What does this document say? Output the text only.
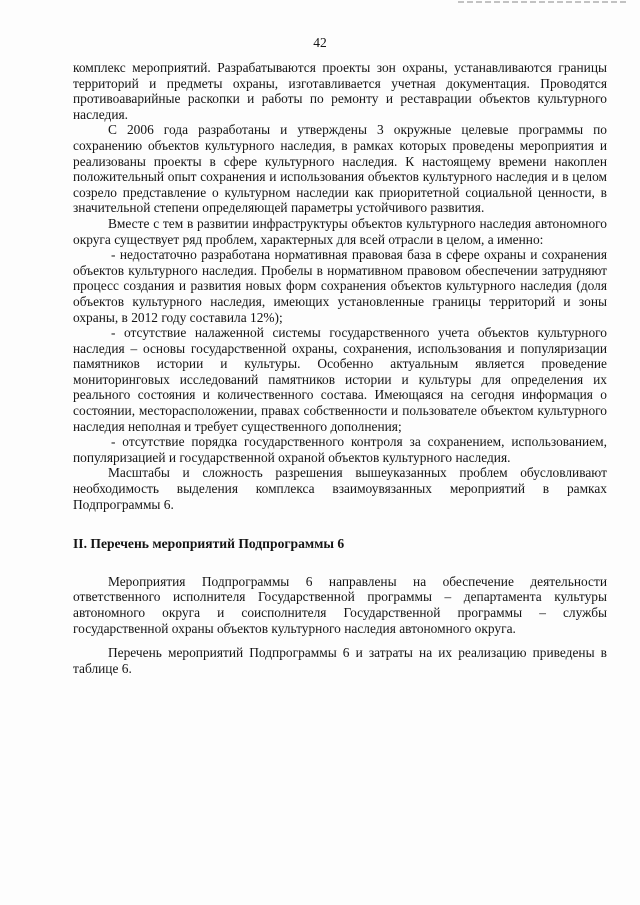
42

комплекс мероприятий. Разрабатываются проекты зон охраны, устанавливаются границы территорий и предметы охраны, изготавливается учетная документация. Проводятся противоаварийные раскопки и работы по ремонту и реставрации объектов культурного наследия.

С 2006 года разработаны и утверждены 3 окружные целевые программы по сохранению объектов культурного наследия, в рамках которых проведены мероприятия и реализованы проекты в сфере культурного наследия. К настоящему времени накоплен положительный опыт сохранения и использования объектов культурного наследия и в целом созрело представление о культурном наследии как приоритетной социальной ценности, в значительной степени определяющей параметры устойчивого развития.

Вместе с тем в развитии инфраструктуры объектов культурного наследия автономного округа существует ряд проблем, характерных для всей отрасли в целом, а именно:

- недостаточно разработана нормативная правовая база в сфере охраны и сохранения объектов культурного наследия. Пробелы в нормативном правовом обеспечении затрудняют процесс создания и развития новых форм сохранения объектов культурного наследия (доля объектов культурного наследия, имеющих установленные границы территорий и зоны охраны, в 2012 году составила 12%);

- отсутствие налаженной системы государственного учета объектов культурного наследия – основы государственной охраны, сохранения, использования и популяризации памятников истории и культуры. Особенно актуальным является проведение мониторинговых исследований памятников истории и культуры для определения их реального состояния и количественного состава. Имеющаяся на сегодня информация о состоянии, месторасположении, правах собственности и пользователе объектом культурного наследия неполная и требует существенного дополнения;

- отсутствие порядка государственного контроля за сохранением, использованием, популяризацией и государственной охраной объектов культурного наследия.

Масштабы и сложность разрешения вышеуказанных проблем обусловливают необходимость выделения комплекса взаимоувязанных мероприятий в рамках Подпрограммы 6.

II. Перечень мероприятий Подпрограммы 6

Мероприятия Подпрограммы 6 направлены на обеспечение деятельности ответственного исполнителя Государственной программы – департамента культуры автономного округа и соисполнителя Государственной программы – службы государственной охраны объектов культурного наследия автономного округа.

Перечень мероприятий Подпрограммы 6 и затраты на их реализацию приведены в таблице 6.
